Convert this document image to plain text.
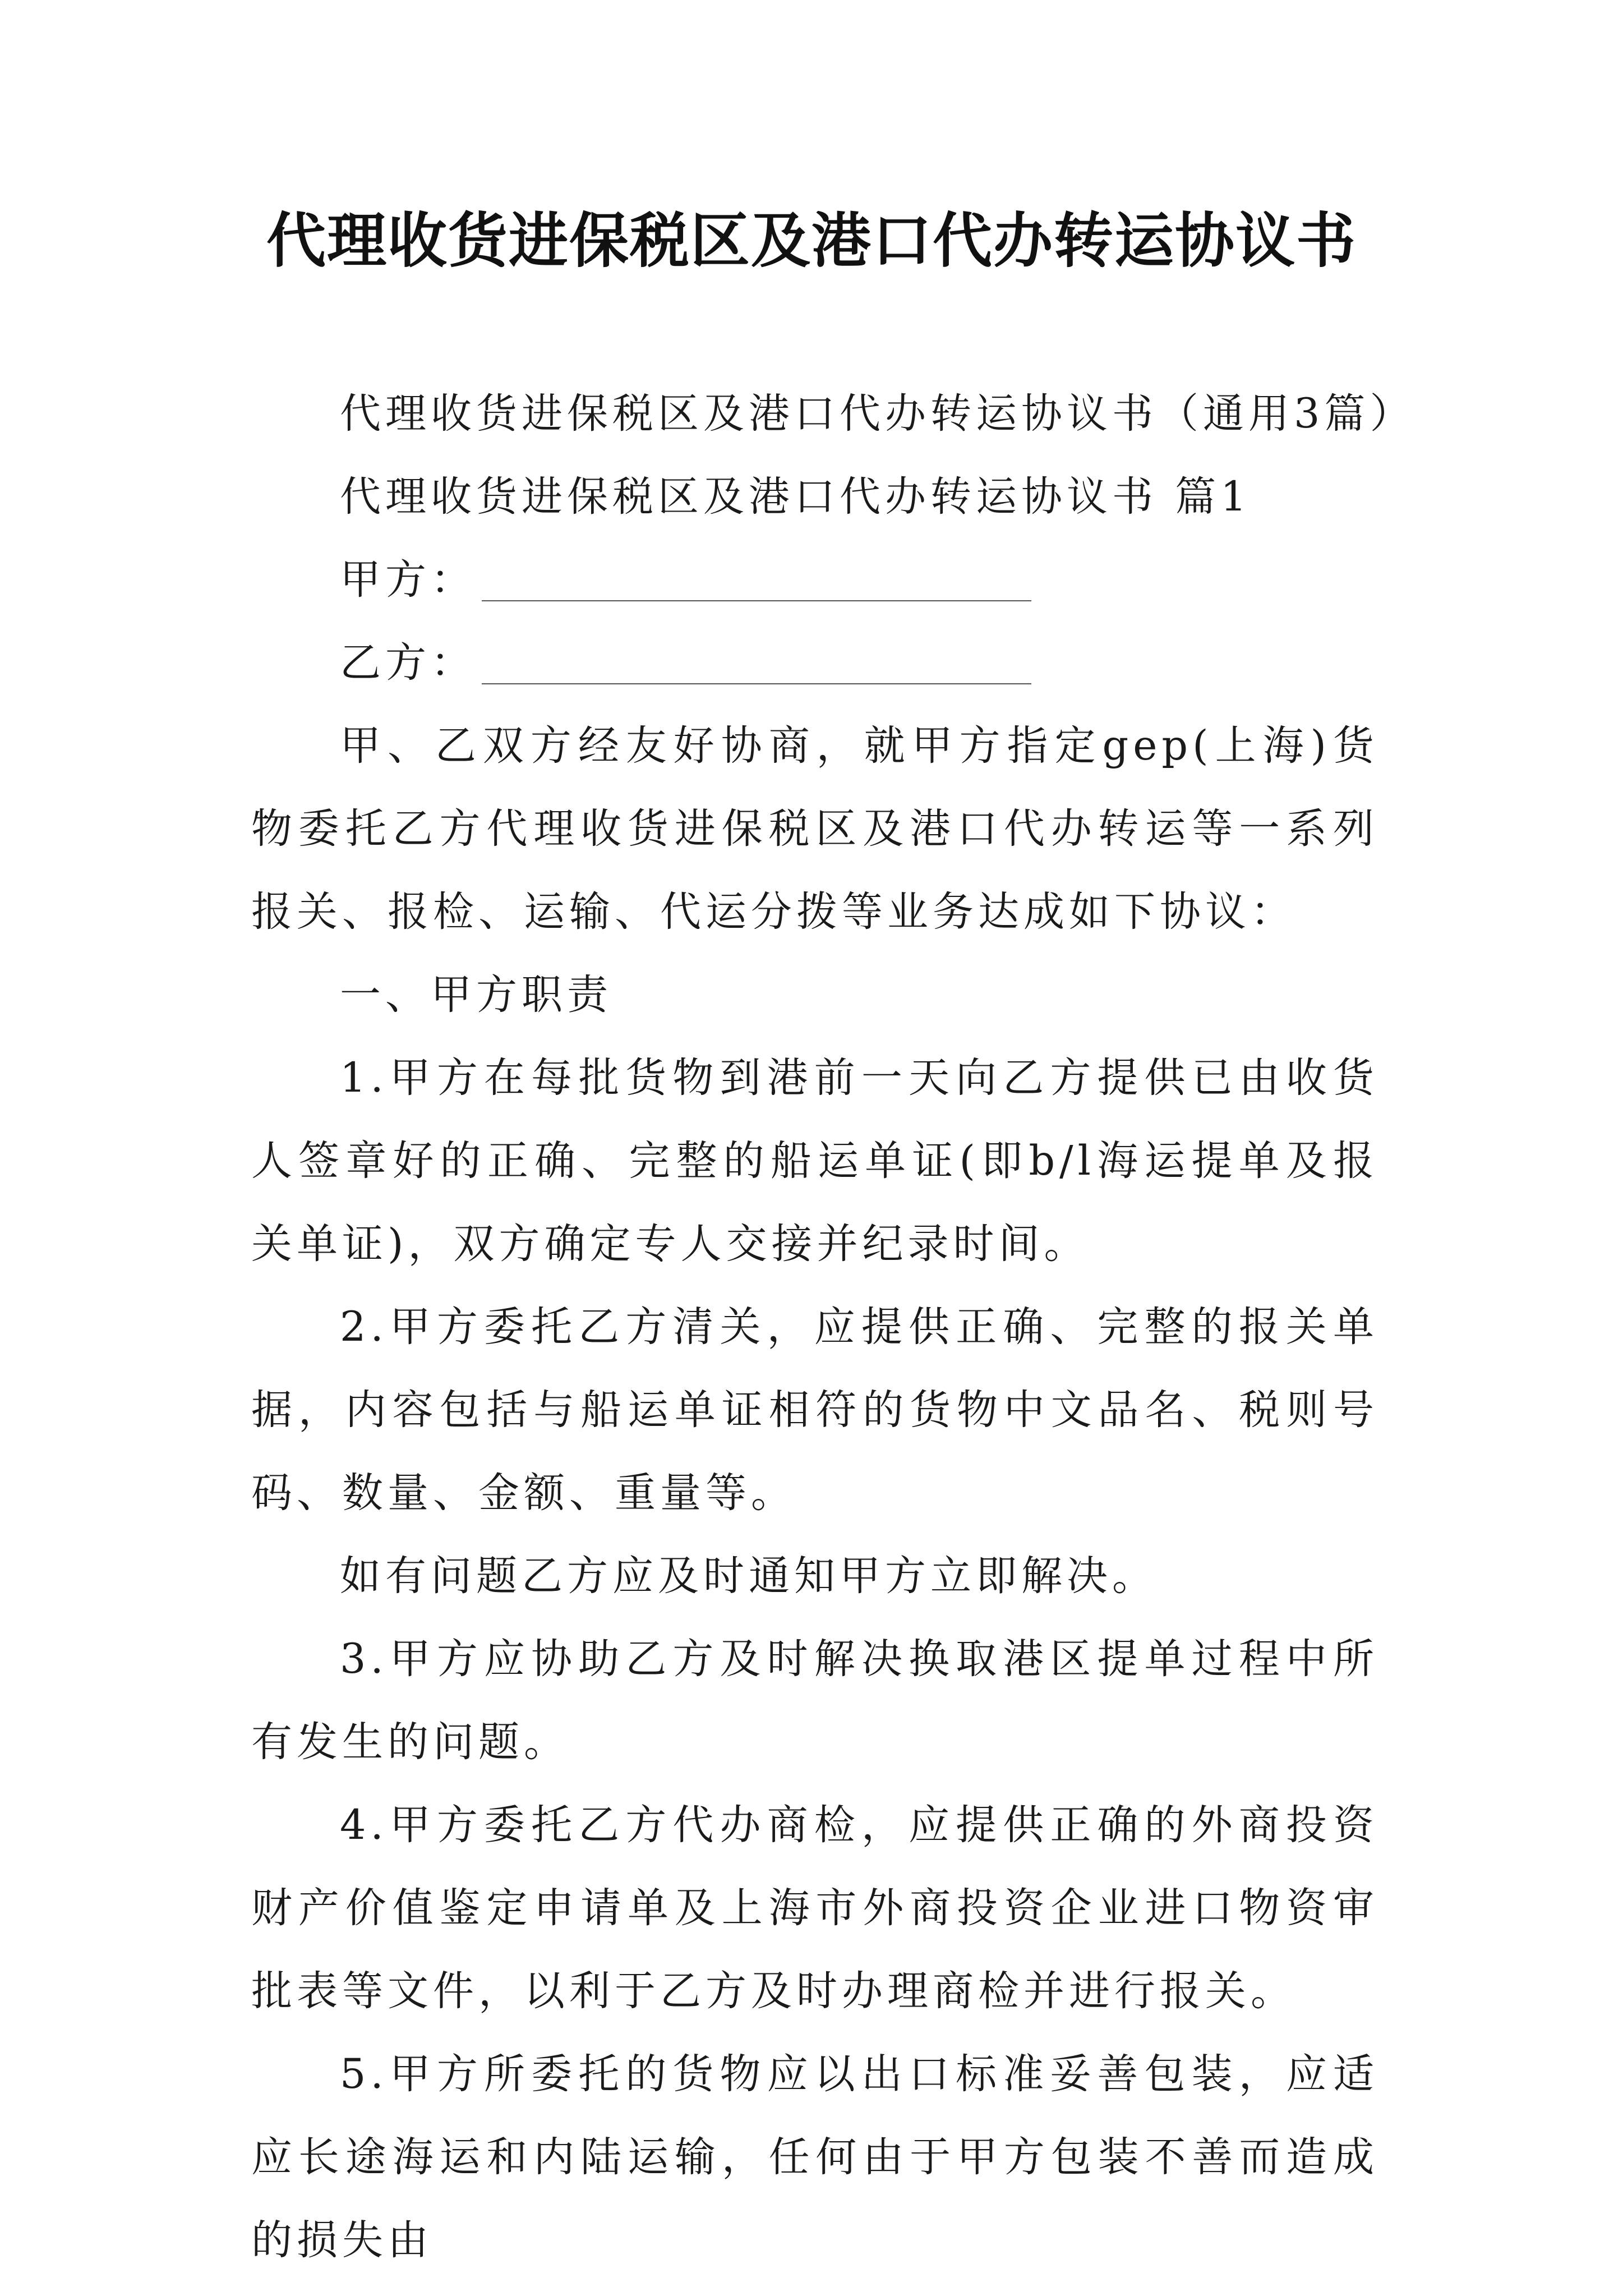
代理收货进保税区及港口代办转运协议书

代理收货进保税区及港口代办转运协议书（通用3篇）

代理收货进保税区及港口代办转运协议书 篇1

甲方：

乙方：

甲、乙双方经友好协商，就甲方指定gep(上海)货物委托乙方代理收货进保税区及港口代办转运等一系列报关、报检、运输、代运分拨等业务达成如下协议：

一、甲方职责

1.甲方在每批货物到港前一天向乙方提供已由收货人签章好的正确、完整的船运单证(即b/l海运提单及报关单证)，双方确定专人交接并纪录时间。

2.甲方委托乙方清关，应提供正确、完整的报关单据，内容包括与船运单证相符的货物中文品名、税则号码、数量、金额、重量等。

如有问题乙方应及时通知甲方立即解决。

3.甲方应协助乙方及时解决换取港区提单过程中所有发生的问题。

4.甲方委托乙方代办商检，应提供正确的外商投资财产价值鉴定申请单及上海市外商投资企业进口物资审批表等文件，以利于乙方及时办理商检并进行报关。

5.甲方所委托的货物应以出口标准妥善包装，应适应长途海运和内陆运输，任何由于甲方包装不善而造成的损失由
